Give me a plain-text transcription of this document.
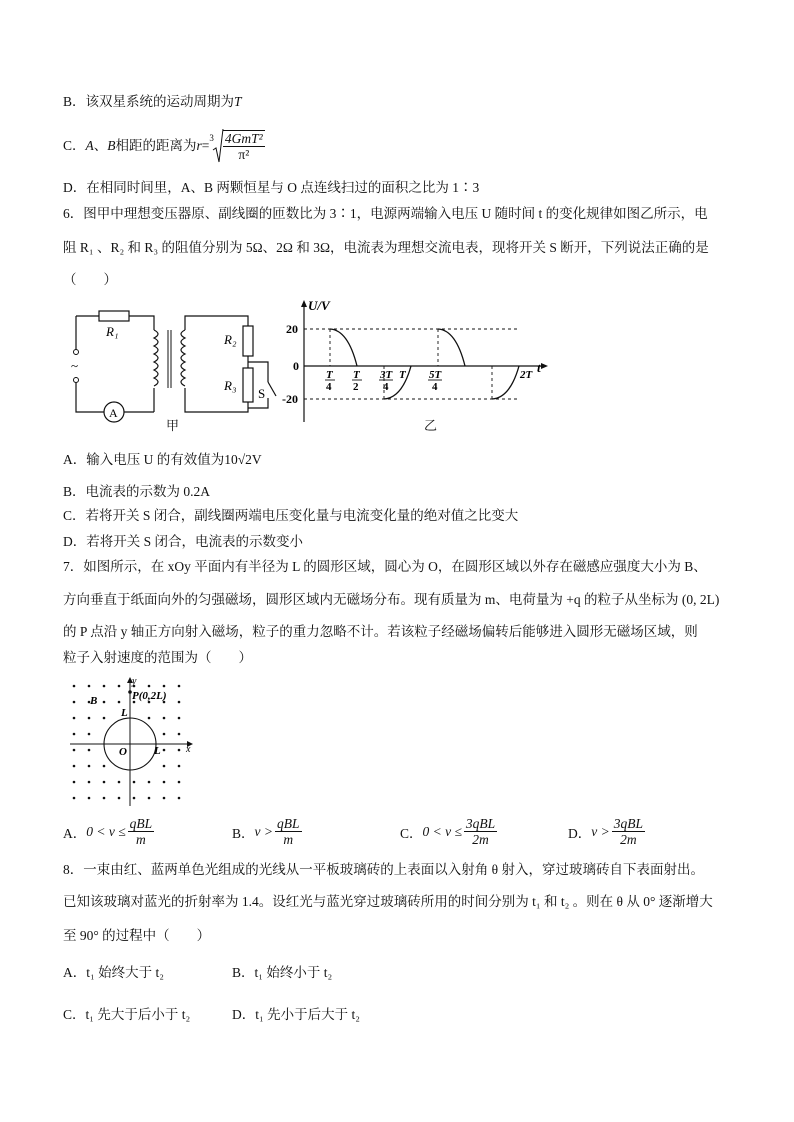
B．该双星系统的运动周期为T
C． A 、 B 相距的距离为 $r = ^3 \frac{\text{4GmT²}}{\text{π²}}$
D．在相同时间里，A、B 两颗恒星与 O 点连线扫过的面积之比为 1∶3
6．图甲中理想变压器原、副线圈的匝数比为 3∶1，电源两端输入电压 U 随时间 t 的变化规律如图乙所示，电
阻 R₁ 、R₂ 和 R₃ 的阻值分别为 5Ω、2Ω 和 3Ω，电流表为理想交流电表，现将开关 S 断开，下列说法正确的是
（　　）
~
A
R₁
R₂
R₃
S
甲
U/V
t
20
0
-20
T
4
T
2
3T
4
T 5T
4
2T
乙
A．输入电压 U 的有效值为10√2V
B．电流表的示数为 0.2A
C．若将开关 S 闭合，副线圈两端电压变化量与电流变化量的绝对值之比变大
D．若将开关 S 闭合，电流表的示数变小
7．如图所示，在 xOy 平面内有半径为 L 的圆形区域，圆心为 O，在圆形区域以外存在磁感应强度大小为 B、
方向垂直于纸面向外的匀强磁场，圆形区域内无磁场分布。现有质量为 m、电荷量为 +q 的粒子从坐标为 (0, 2L)
的 P 点沿 y 轴正方向射入磁场，粒子的重力忽略不计。若该粒子经磁场偏转后能够进入圆形无磁场区域，则
粒子入射速度的范围为（　　）
P(0,2L)
B
L
L
O	x
y
A． $0 < v \le \frac{\text{qBL}}{m}$	B． $v > \frac{\text{qBL}}{m}$	C． $0 < v \le \frac{\text{3qBL}}{2m}$	D． $v > \frac{\text{3qBL}}{2m}$
8．一束由红、蓝两单色光组成的光线从一平板玻璃砖的上表面以入射角 θ 射入，穿过玻璃砖自下表面射出。
已知该玻璃对蓝光的折射率为 1.4。设红光与蓝光穿过玻璃砖所用的时间分别为 t₁ 和 t₂ 。则在 θ 从 0° 逐渐增大
至 90° 的过程中（　　）
A．t₁ 始终大于 t₂	B．t₁ 始终小于 t₂
C．t₁ 先大于后小于 t₂	D．t₁ 先小于后大于 t₂
